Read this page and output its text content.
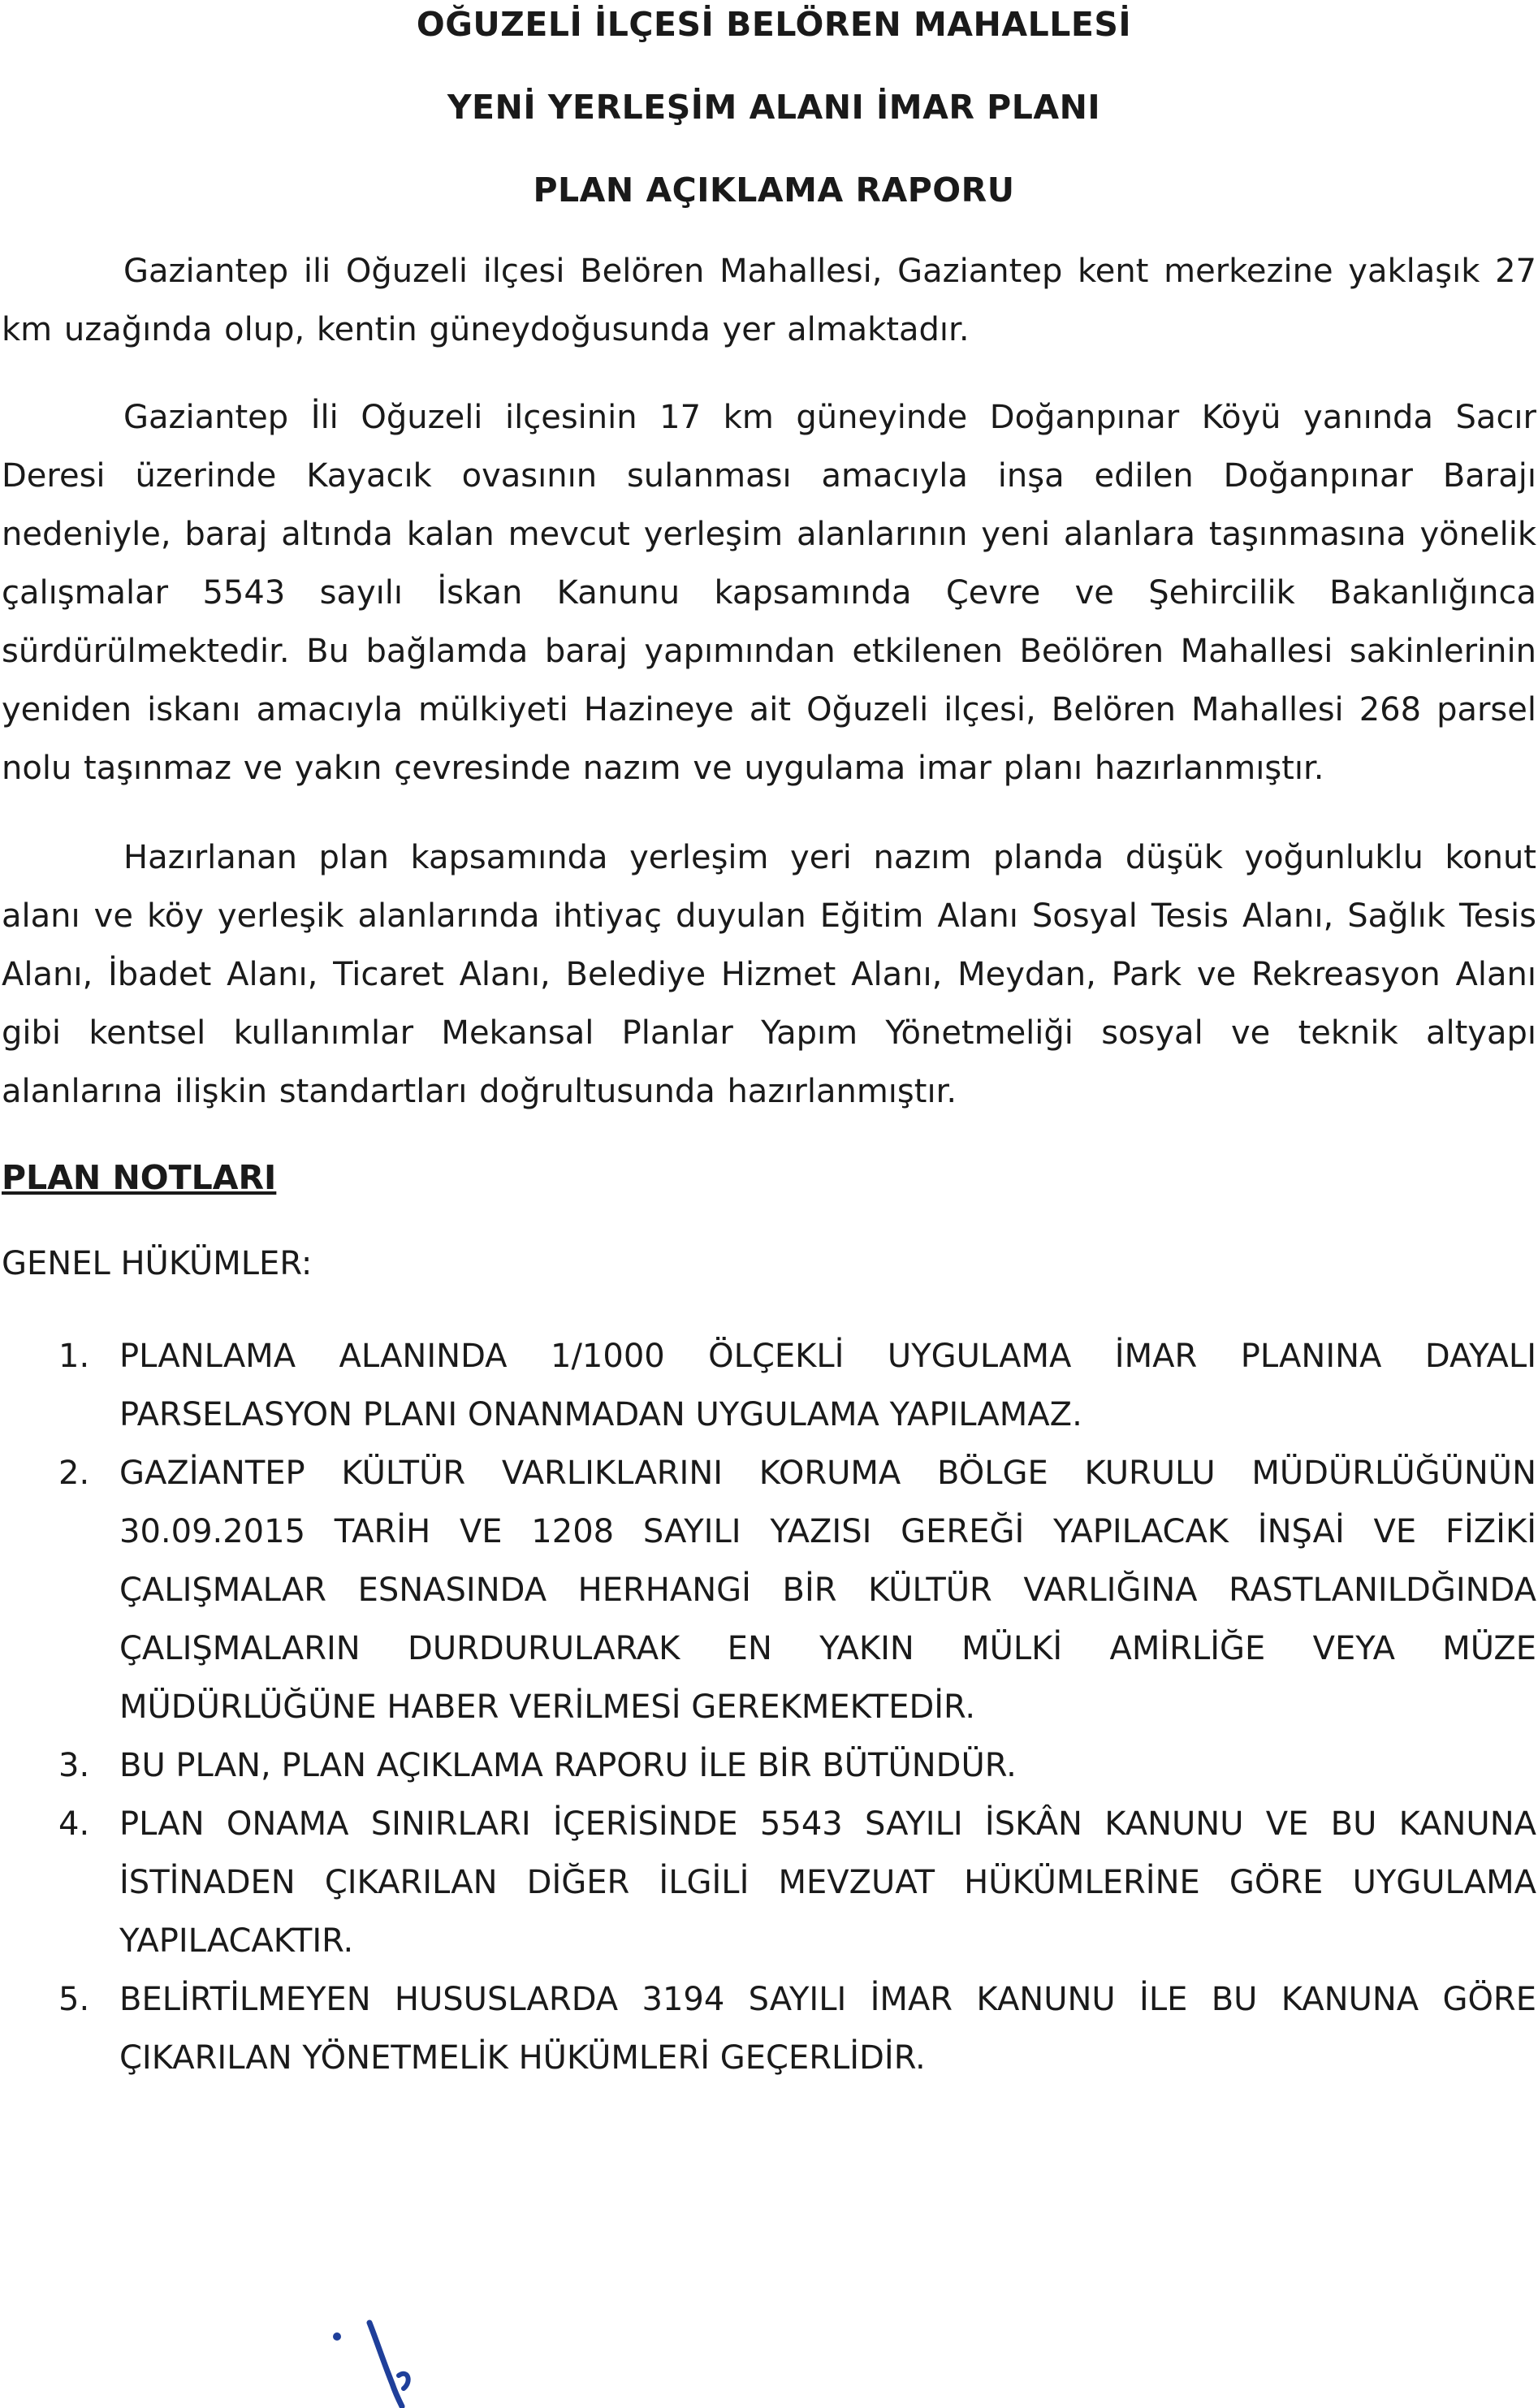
OĞUZELİ İLÇESİ BELÖREN MAHALLESİ

YENİ YERLEŞİM ALANI İMAR PLANI

PLAN AÇIKLAMA RAPORU

Gaziantep ili Oğuzeli ilçesi Belören Mahallesi, Gaziantep kent merkezine yaklaşık 27 km uzağında olup, kentin güneydoğusunda yer almaktadır.

Gaziantep İli Oğuzeli ilçesinin 17 km güneyinde Doğanpınar Köyü yanında Sacır Deresi üzerinde Kayacık ovasının sulanması amacıyla inşa edilen Doğanpınar Barajı nedeniyle, baraj altında kalan mevcut yerleşim alanlarının yeni alanlara taşınmasına yönelik çalışmalar 5543 sayılı İskan Kanunu kapsamında Çevre ve Şehircilik Bakanlığınca sürdürülmektedir. Bu bağlamda baraj yapımından etkilenen Beölören Mahallesi sakinlerinin yeniden iskanı amacıyla mülkiyeti Hazineye ait Oğuzeli ilçesi, Belören Mahallesi 268 parsel nolu taşınmaz ve yakın çevresinde nazım ve uygulama imar planı hazırlanmıştır.

Hazırlanan plan kapsamında yerleşim yeri nazım planda düşük yoğunluklu konut alanı ve köy yerleşik alanlarında ihtiyaç duyulan Eğitim Alanı Sosyal Tesis Alanı, Sağlık Tesis Alanı, İbadet Alanı, Ticaret Alanı, Belediye Hizmet Alanı, Meydan, Park ve Rekreasyon Alanı gibi kentsel kullanımlar Mekansal Planlar Yapım Yönetmeliği sosyal ve teknik altyapı alanlarına ilişkin standartları doğrultusunda hazırlanmıştır.

PLAN NOTLARI
GENEL HÜKÜMLER:
1. PLANLAMA ALANINDA 1/1000 ÖLÇEKLİ UYGULAMA İMAR PLANINA DAYALI PARSELASYON PLANI ONANMADAN UYGULAMA YAPILAMAZ.
2. GAZİANTEP KÜLTÜR VARLIKLARINI KORUMA BÖLGE KURULU MÜDÜRLÜĞÜNÜN 30.09.2015 TARİH VE 1208 SAYILI YAZISI GEREĞİ YAPILACAK İNŞAİ VE FİZİKİ ÇALIŞMALAR ESNASINDA HERHANGİ BİR KÜLTÜR VARLIĞINA RASTLANILDĞINDA ÇALIŞMALARIN DURDURULARAK EN YAKIN MÜLKİ AMİRLİĞE VEYA MÜZE MÜDÜRLÜĞÜNE HABER VERİLMESİ GEREKMEKTEDİR.
3. BU PLAN, PLAN AÇIKLAMA RAPORU İLE BİR BÜTÜNDÜR.
4. PLAN ONAMA SINIRLARI İÇERİSİNDE 5543 SAYILI İSKÂN KANUNU VE BU KANUNA İSTİNADEN ÇIKARILAN DİĞER İLGİLİ MEVZUAT HÜKÜMLERİNE GÖRE UYGULAMA YAPILACAKTIR.
5. BELİRTİLMEYEN HUSUSLARDA 3194 SAYILI İMAR KANUNU İLE BU KANUNA GÖRE ÇIKARILAN YÖNETMELİK HÜKÜMLERİ GEÇERLİDİR.
